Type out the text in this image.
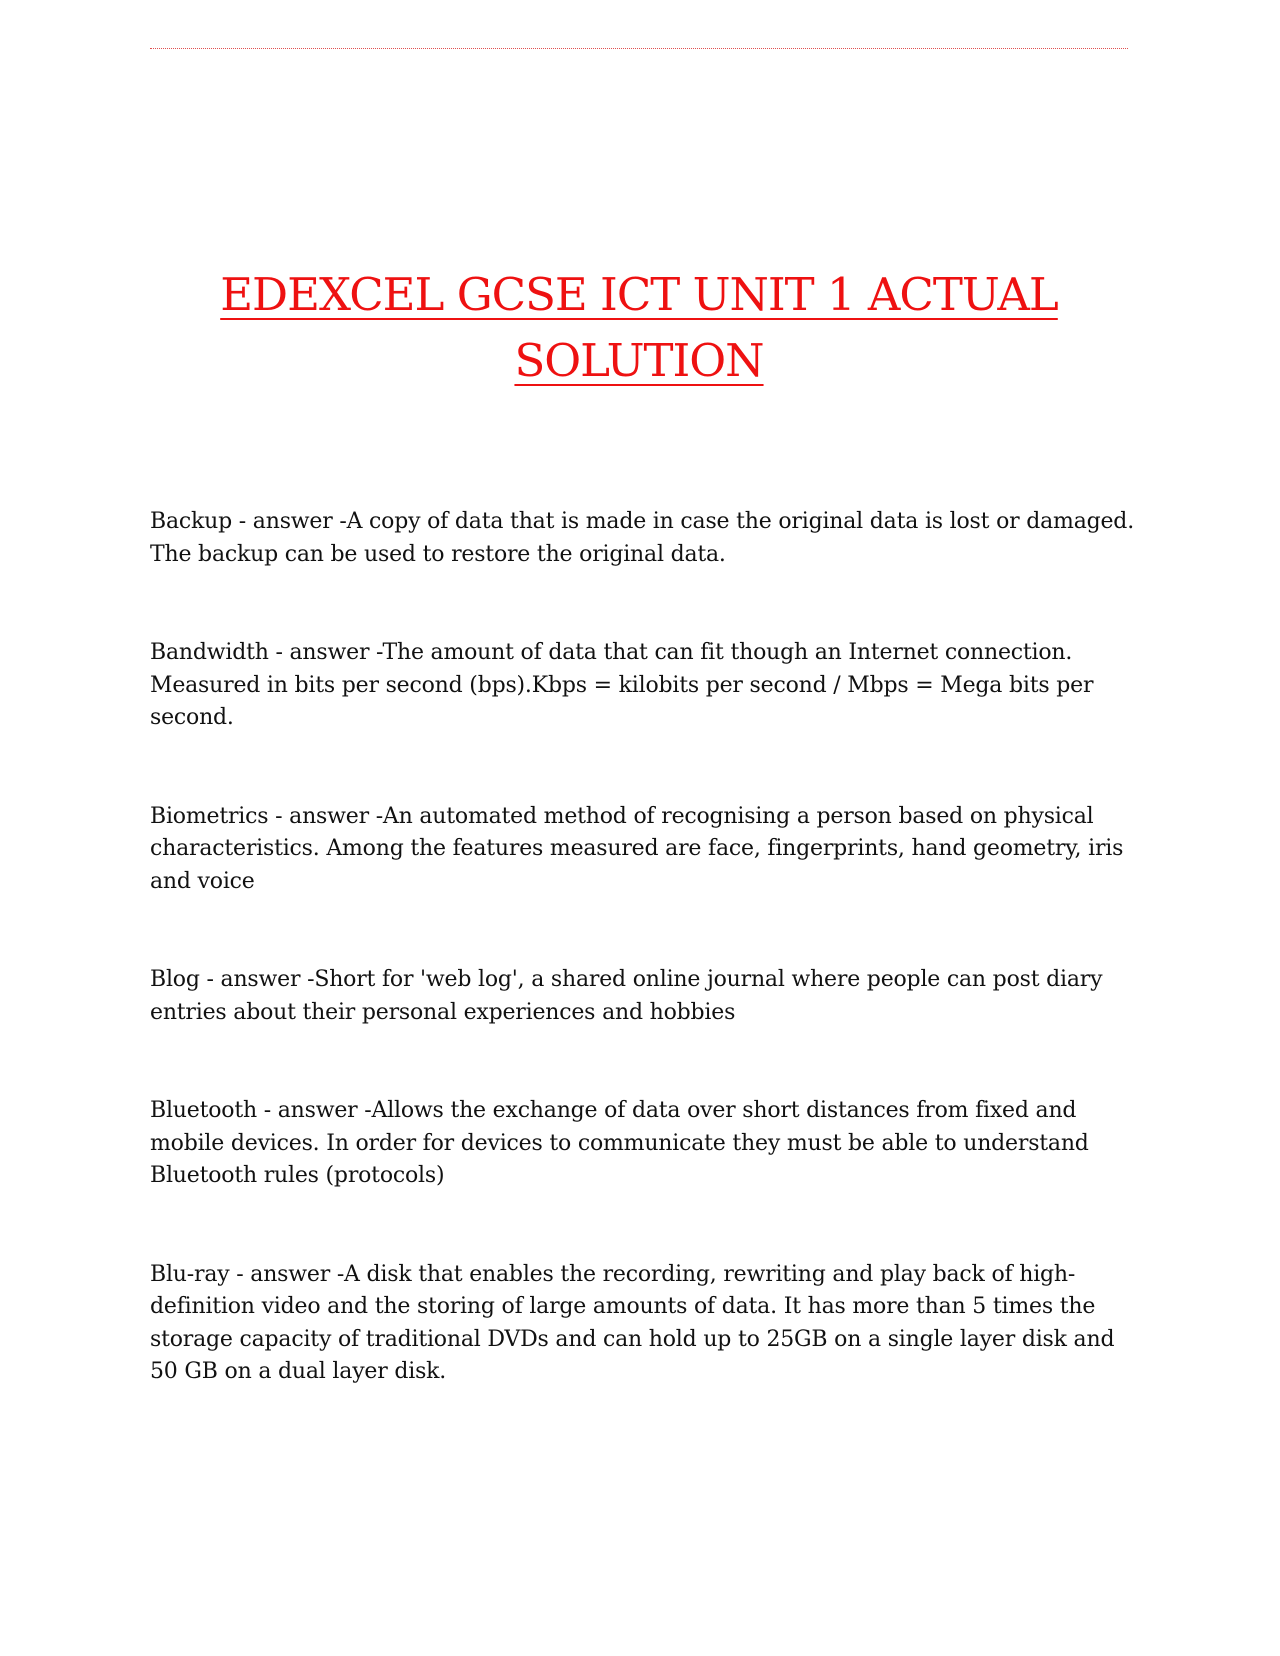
EDEXCEL GCSE ICT UNIT 1 ACTUAL
SOLUTION

Backup - answer -A copy of data that is made in case the original data is lost or damaged. The backup can be used to restore the original data.

Bandwidth - answer -The amount of data that can fit though an Internet connection. Measured in bits per second (bps).Kbps = kilobits per second / Mbps = Mega bits per second.

Biometrics - answer -An automated method of recognising a person based on physical characteristics. Among the features measured are face, fingerprints, hand geometry, iris and voice

Blog - answer -Short for 'web log', a shared online journal where people can post diary entries about their personal experiences and hobbies

Bluetooth - answer -Allows the exchange of data over short distances from fixed and mobile devices. In order for devices to communicate they must be able to understand Bluetooth rules (protocols)

Blu-ray - answer -A disk that enables the recording, rewriting and play back of high-definition video and the storing of large amounts of data. It has more than 5 times the storage capacity of traditional DVDs and can hold up to 25GB on a single layer disk and 50 GB on a dual layer disk.
